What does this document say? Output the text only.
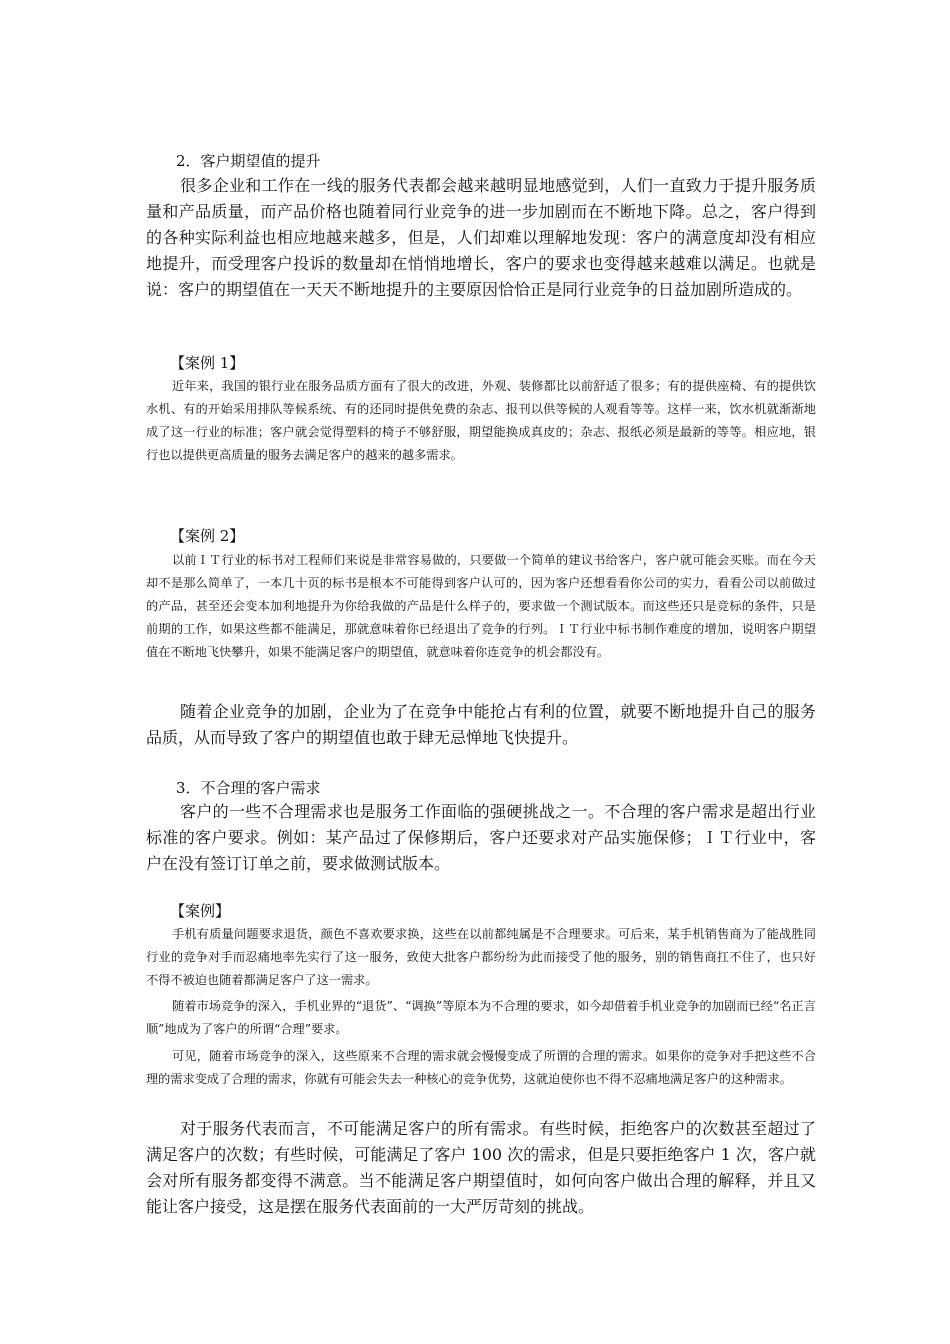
2．客户期望值的提升

很多企业和工作在一线的服务代表都会越来越明显地感觉到，人们一直致力于提升服务质量和产品质量，而产品价格也随着同行业竞争的进一步加剧而在不断地下降。总之，客户得到的各种实际利益也相应地越来越多，但是，人们却难以理解地发现：客户的满意度却没有相应地提升，而受理客户投诉的数量却在悄悄地增长，客户的要求也变得越来越难以满足。也就是说：客户的期望值在一天天不断地提升的主要原因恰恰正是同行业竞争的日益加剧所造成的。

【案例 1】

近年来，我国的银行业在服务品质方面有了很大的改进，外观、装修都比以前舒适了很多；有的提供座椅、有的提供饮水机、有的开始采用排队等候系统、有的还同时提供免费的杂志、报刊以供等候的人观看等等。这样一来，饮水机就渐渐地成了这一行业的标准；客户就会觉得塑料的椅子不够舒服，期望能换成真皮的；杂志、报纸必须是最新的等等。相应地，银行也以提供更高质量的服务去满足客户的越来的越多需求。

【案例 2】

以前ＩＴ行业的标书对工程师们来说是非常容易做的，只要做一个简单的建议书给客户，客户就可能会买账。而在今天却不是那么简单了，一本几十页的标书是根本不可能得到客户认可的，因为客户还想看看你公司的实力，看看公司以前做过的产品，甚至还会变本加利地提升为你给我做的产品是什么样子的，要求做一个测试版本。而这些还只是竞标的条件，只是前期的工作，如果这些都不能满足，那就意味着你已经退出了竞争的行列。ＩＴ行业中标书制作难度的增加，说明客户期望值在不断地飞快攀升，如果不能满足客户的期望值，就意味着你连竞争的机会都没有。

随着企业竞争的加剧，企业为了在竞争中能抢占有利的位置，就要不断地提升自己的服务品质，从而导致了客户的期望值也敢于肆无忌惮地飞快提升。

3．不合理的客户需求

客户的一些不合理需求也是服务工作面临的强硬挑战之一。不合理的客户需求是超出行业标准的客户要求。例如：某产品过了保修期后，客户还要求对产品实施保修；ＩＴ行业中，客户在没有签订订单之前，要求做测试版本。

【案例】

手机有质量问题要求退货，颜色不喜欢要求换，这些在以前都纯属是不合理要求。可后来，某手机销售商为了能战胜同行业的竞争对手而忍痛地率先实行了这一服务，致使大批客户都纷纷为此而接受了他的服务，别的销售商扛不住了，也只好不得不被迫也随着都满足客户了这一需求。

随着市场竞争的深入，手机业界的“退货”、“调换”等原本为不合理的要求，如今却借着手机业竞争的加剧而已经“名正言顺”地成为了客户的所谓“合理”要求。

可见，随着市场竞争的深入，这些原来不合理的需求就会慢慢变成了所谓的合理的需求。如果你的竞争对手把这些不合理的需求变成了合理的需求，你就有可能会失去一种核心的竞争优势，这就迫使你也不得不忍痛地满足客户的这种需求。

对于服务代表而言，不可能满足客户的所有需求。有些时候，拒绝客户的次数甚至超过了满足客户的次数；有些时候，可能满足了客户 100 次的需求，但是只要拒绝客户 1 次，客户就会对所有服务都变得不满意。当不能满足客户期望值时，如何向客户做出合理的解释，并且又能让客户接受，这是摆在服务代表面前的一大严厉苛刻的挑战。
